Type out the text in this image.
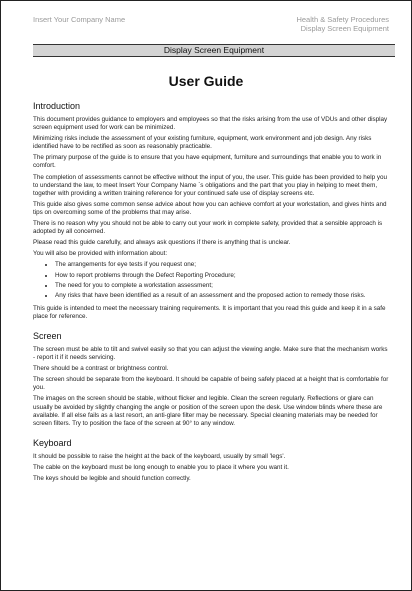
Insert Your Company Name	Health & Safety Procedures
Display Screen Equipment
Display Screen Equipment
User Guide
Introduction

This document provides guidance to employers and employees so that the risks arising from the use of VDUs and other display screen equipment used for work can be minimized.

Minimizing risks include the assessment of your existing furniture, equipment, work environment and job design. Any risks identified have to be rectified as soon as reasonably practicable.

The primary purpose of the guide is to ensure that you have equipment, furniture and surroundings that enable you to work in comfort.

The completion of assessments cannot be effective without the input of you, the user. This guide has been provided to help you to understand the law, to meet Insert Your Company Name `s obligations and the part that you play in helping to meet them, together with providing a written training reference for your continued safe use of display screens etc.

This guide also gives some common sense advice about how you can achieve comfort at your workstation, and gives hints and tips on overcoming some of the problems that may arise.

There is no reason why you should not be able to carry out your work in complete safety, provided that a sensible approach is adopted by all concerned.

Please read this guide carefully, and always ask questions if there is anything that is unclear.

You will also be provided with information about:

• The arrangements for eye tests if you request one;
• How to report problems through the Defect Reporting Procedure;
• The need for you to complete a workstation assessment;
• Any risks that have been identified as a result of an assessment and the proposed action to remedy those risks.

This guide is intended to meet the necessary training requirements. It is important that you read this guide and keep it in a safe place for reference.

Screen

The screen must be able to tilt and swivel easily so that you can adjust the viewing angle. Make sure that the mechanism works - report it if it needs servicing.

There should be a contrast or brightness control.

The screen should be separate from the keyboard. It should be capable of being safely placed at a height that is comfortable for you.

The images on the screen should be stable, without flicker and legible. Clean the screen regularly. Reflections or glare can usually be avoided by slightly changing the angle or position of the screen upon the desk. Use window blinds where these are available. If all else fails as a last resort, an anti-glare filter may be necessary. Special cleaning materials may be needed for screen filters. Try to position the face of the screen at 90° to any window.

Keyboard

It should be possible to raise the height at the back of the keyboard, usually by small 'legs'.

The cable on the keyboard must be long enough to enable you to place it where you want it.

The keys should be legible and should function correctly.
